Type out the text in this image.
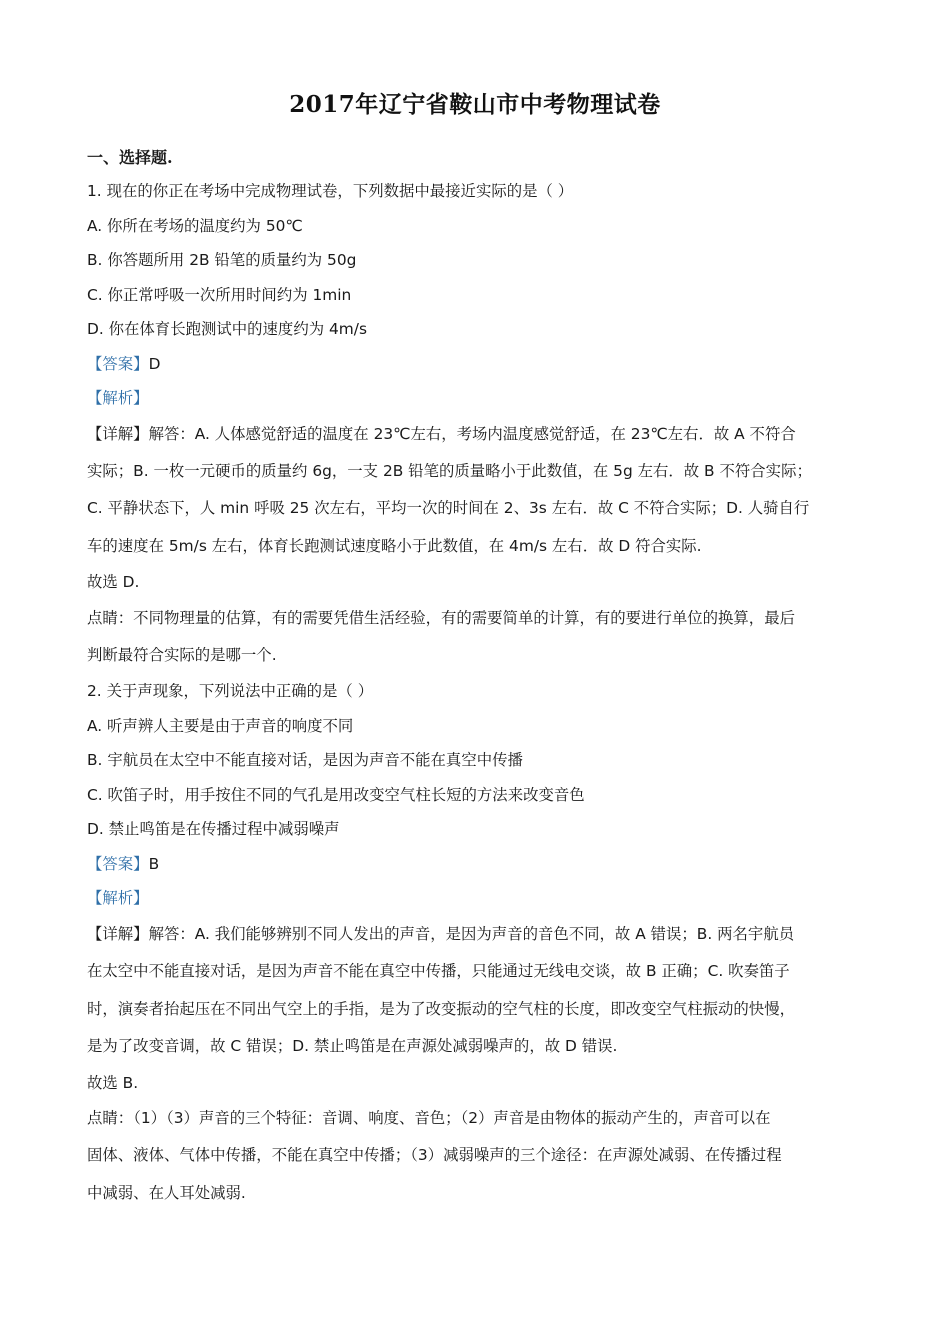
2017年辽宁省鞍山市中考物理试卷

一、选择题.

1. 现在的你正在考场中完成物理试卷，下列数据中最接近实际的是（ ）

A. 你所在考场的温度约为 50℃

B. 你答题所用 2B 铅笔的质量约为 50g

C. 你正常呼吸一次所用时间约为 1min

D. 你在体育长跑测试中的速度约为 4m/s

【答案】D

【解析】

【详解】解答：A. 人体感觉舒适的温度在 23℃左右，考场内温度感觉舒适，在 23℃左右．故 A 不符合

实际；B. 一枚一元硬币的质量约 6g，一支 2B 铅笔的质量略小于此数值，在 5g 左右．故 B 不符合实际；

C. 平静状态下，人 min 呼吸 25 次左右，平均一次的时间在 2、3s 左右．故 C 不符合实际；D. 人骑自行

车的速度在 5m/s 左右，体育长跑测试速度略小于此数值，在 4m/s 左右．故 D 符合实际.

故选 D.

点睛：不同物理量的估算，有的需要凭借生活经验，有的需要简单的计算，有的要进行单位的换算，最后

判断最符合实际的是哪一个.

2. 关于声现象，下列说法中正确的是（ ）

A. 听声辨人主要是由于声音的响度不同

B. 宇航员在太空中不能直接对话，是因为声音不能在真空中传播

C. 吹笛子时，用手按住不同的气孔是用改变空气柱长短的方法来改变音色

D. 禁止鸣笛是在传播过程中减弱噪声

【答案】B

【解析】

【详解】解答：A. 我们能够辨别不同人发出的声音，是因为声音的音色不同，故 A 错误；B. 两名宇航员

在太空中不能直接对话，是因为声音不能在真空中传播，只能通过无线电交谈，故 B 正确；C. 吹奏笛子

时，演奏者抬起压在不同出气空上的手指，是为了改变振动的空气柱的长度，即改变空气柱振动的快慢，

是为了改变音调，故 C 错误；D. 禁止鸣笛是在声源处减弱噪声的，故 D 错误.

故选 B.

点睛：（1）（3）声音的三个特征：音调、响度、音色；（2）声音是由物体的振动产生的，声音可以在

固体、液体、气体中传播，不能在真空中传播；（3）减弱噪声的三个途径：在声源处减弱、在传播过程

中减弱、在人耳处减弱.
